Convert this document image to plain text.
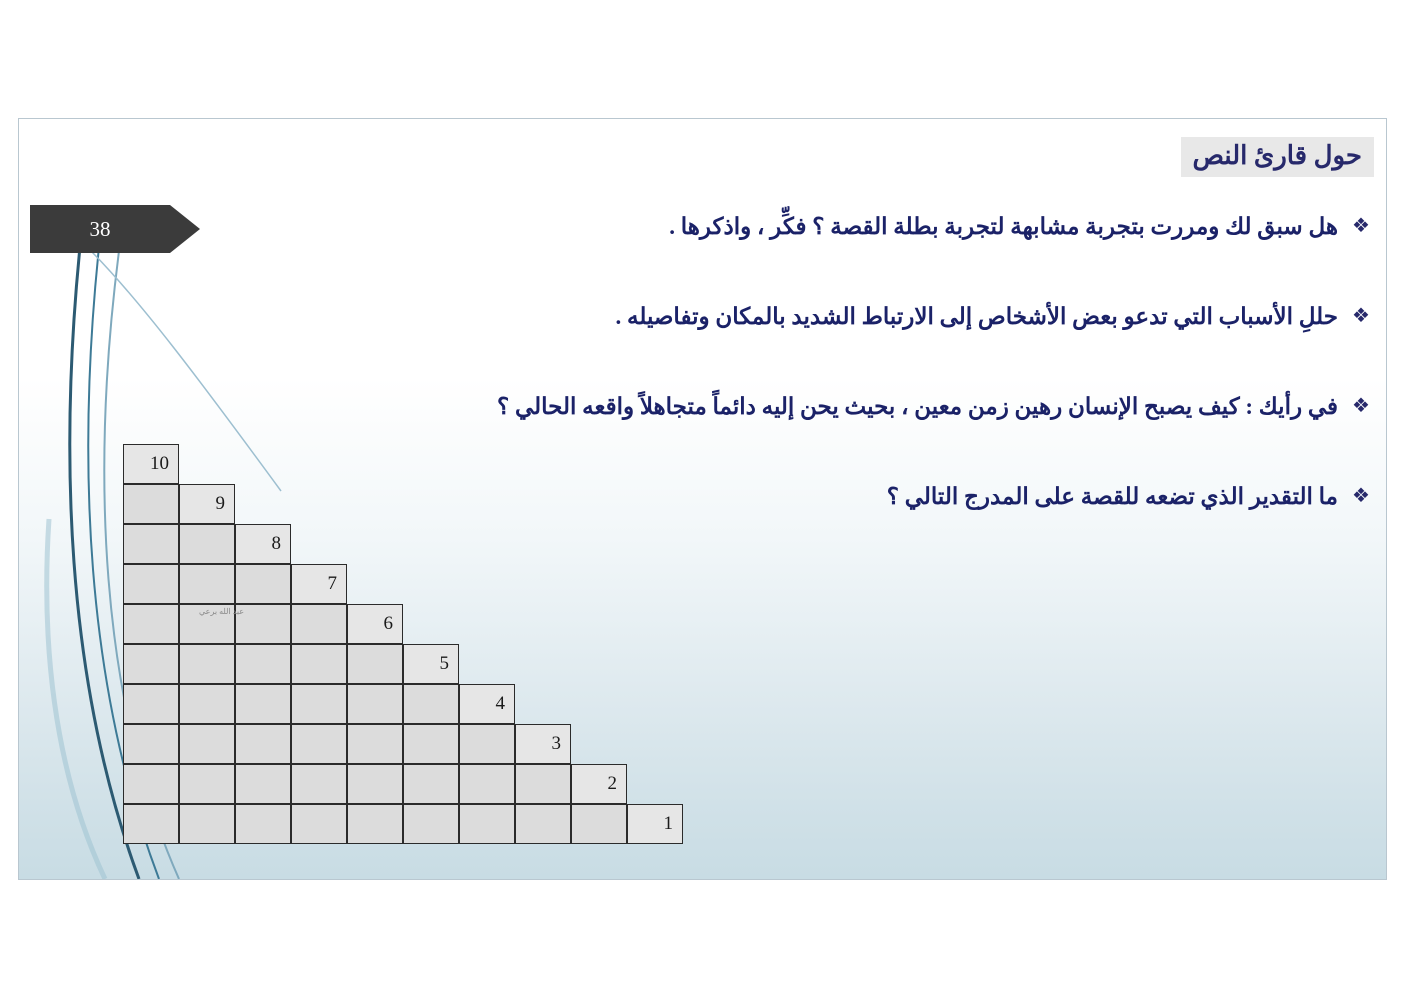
حول قارئ النص
38	❖
هل سبق لك ومررت بتجربة مشابهة لتجربة بطلة القصة ؟ فكِّر ، واذكرها .
❖
حللِ الأسباب التي تدعو بعض الأشخاص إلى الارتباط الشديد بالمكان وتفاصيله .
❖
في رأيك : كيف يصبح الإنسان رهين زمن معين ، بحيث يحن إليه دائماً متجاهلاً واقعه الحالي ؟
❖
ما التقدير الذي تضعه للقصة على المدرج التالي ؟
10
9
8
7
6
5
4
3
2
1
عبد الله برعي
